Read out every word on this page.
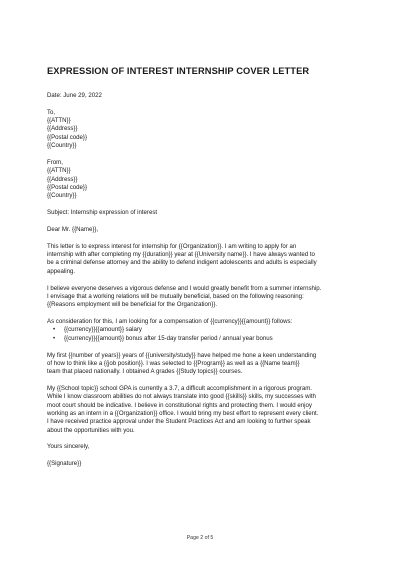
EXPRESSION OF INTEREST INTERNSHIP COVER LETTER
Date: June 29, 2022
To,
{{ATTN}}
{{Address}}
{{Postal code}}
{{Country}}
From,
{{ATTN}}
{{Address}}
{{Postal code}}
{{Country}}
Subject: Internship expression of interest
Dear Mr. {{Name}},
This letter is to express interest for internship for {{Organization}}. I am writing to apply for an
internship with after completing my {{duration}} year at {{University name}}. I have always wanted to
be a criminal defense attorney and the ability to defend indigent adolescents and adults is especially
appealing.
I believe everyone deserves a vigorous defense and I would greatly benefit from a summer internship.
I envisage that a working relations will be mutually beneficial, based on the following reasoning:
{{Reasons employment will be beneficial for the Organization}}.
As consideration for this, I am looking for a compensation of {{currency}}{{amount}} follows:
•	{{currency}}{{amount}} salary
•	{{currency}}{{amount}} bonus after 15-day transfer period / annual year bonus
My first {{number of years}} years of {{university/study}} have helped me hone a keen understanding
of how to think like a {{job position}}. I was selected to {{Program}} as well as a {{Name team}}
team that placed nationally. I obtained A grades {{Study topics}} courses.
My {{School topic}} school GPA is currently a 3.7, a difficult accomplishment in a rigorous program.
While I know classroom abilities do not always translate into good {{skills}} skills, my successes with
moot court should be indicative. I believe in constitutional rights and protecting them. I would enjoy
working as an intern in a {{Organization}} office. I would bring my best effort to represent every client.
I have received practice approval under the Student Practices Act and am looking to further speak
about the opportunities with you.
Yours sincerely,
{{Signature}}
Page 2 of 5
